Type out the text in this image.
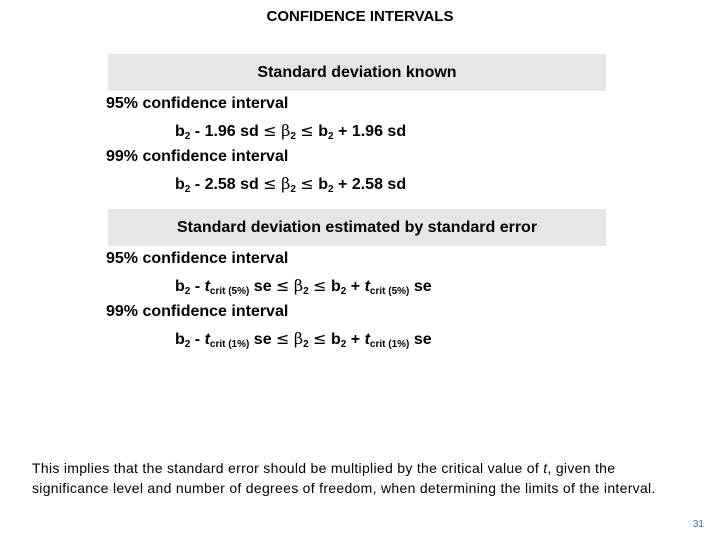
CONFIDENCE INTERVALS
Standard deviation known
95% confidence interval
$b_2 - 1.96$ sd ≤ $\beta_2 \le b_2 + 1.96$ sd
99% confidence interval
$b_2 - 2.58$ sd ≤ $\beta_2 \le b_2 + 2.58$ sd
Standard deviation estimated by standard error
95% confidence interval
$b_2 - t_{crit (5\%)}$ se ≤ $\beta_2 \le b_2 + t_{crit (5\%)}$ se
99% confidence interval
$b_2 - t_{crit (1\%)}$ se ≤ $\beta_2 \le b_2 + t_{crit (1\%)}$ se
This implies that the standard error should be multiplied by the critical value of t, given the significance level and number of degrees of freedom, when determining the limits of the interval.
31
